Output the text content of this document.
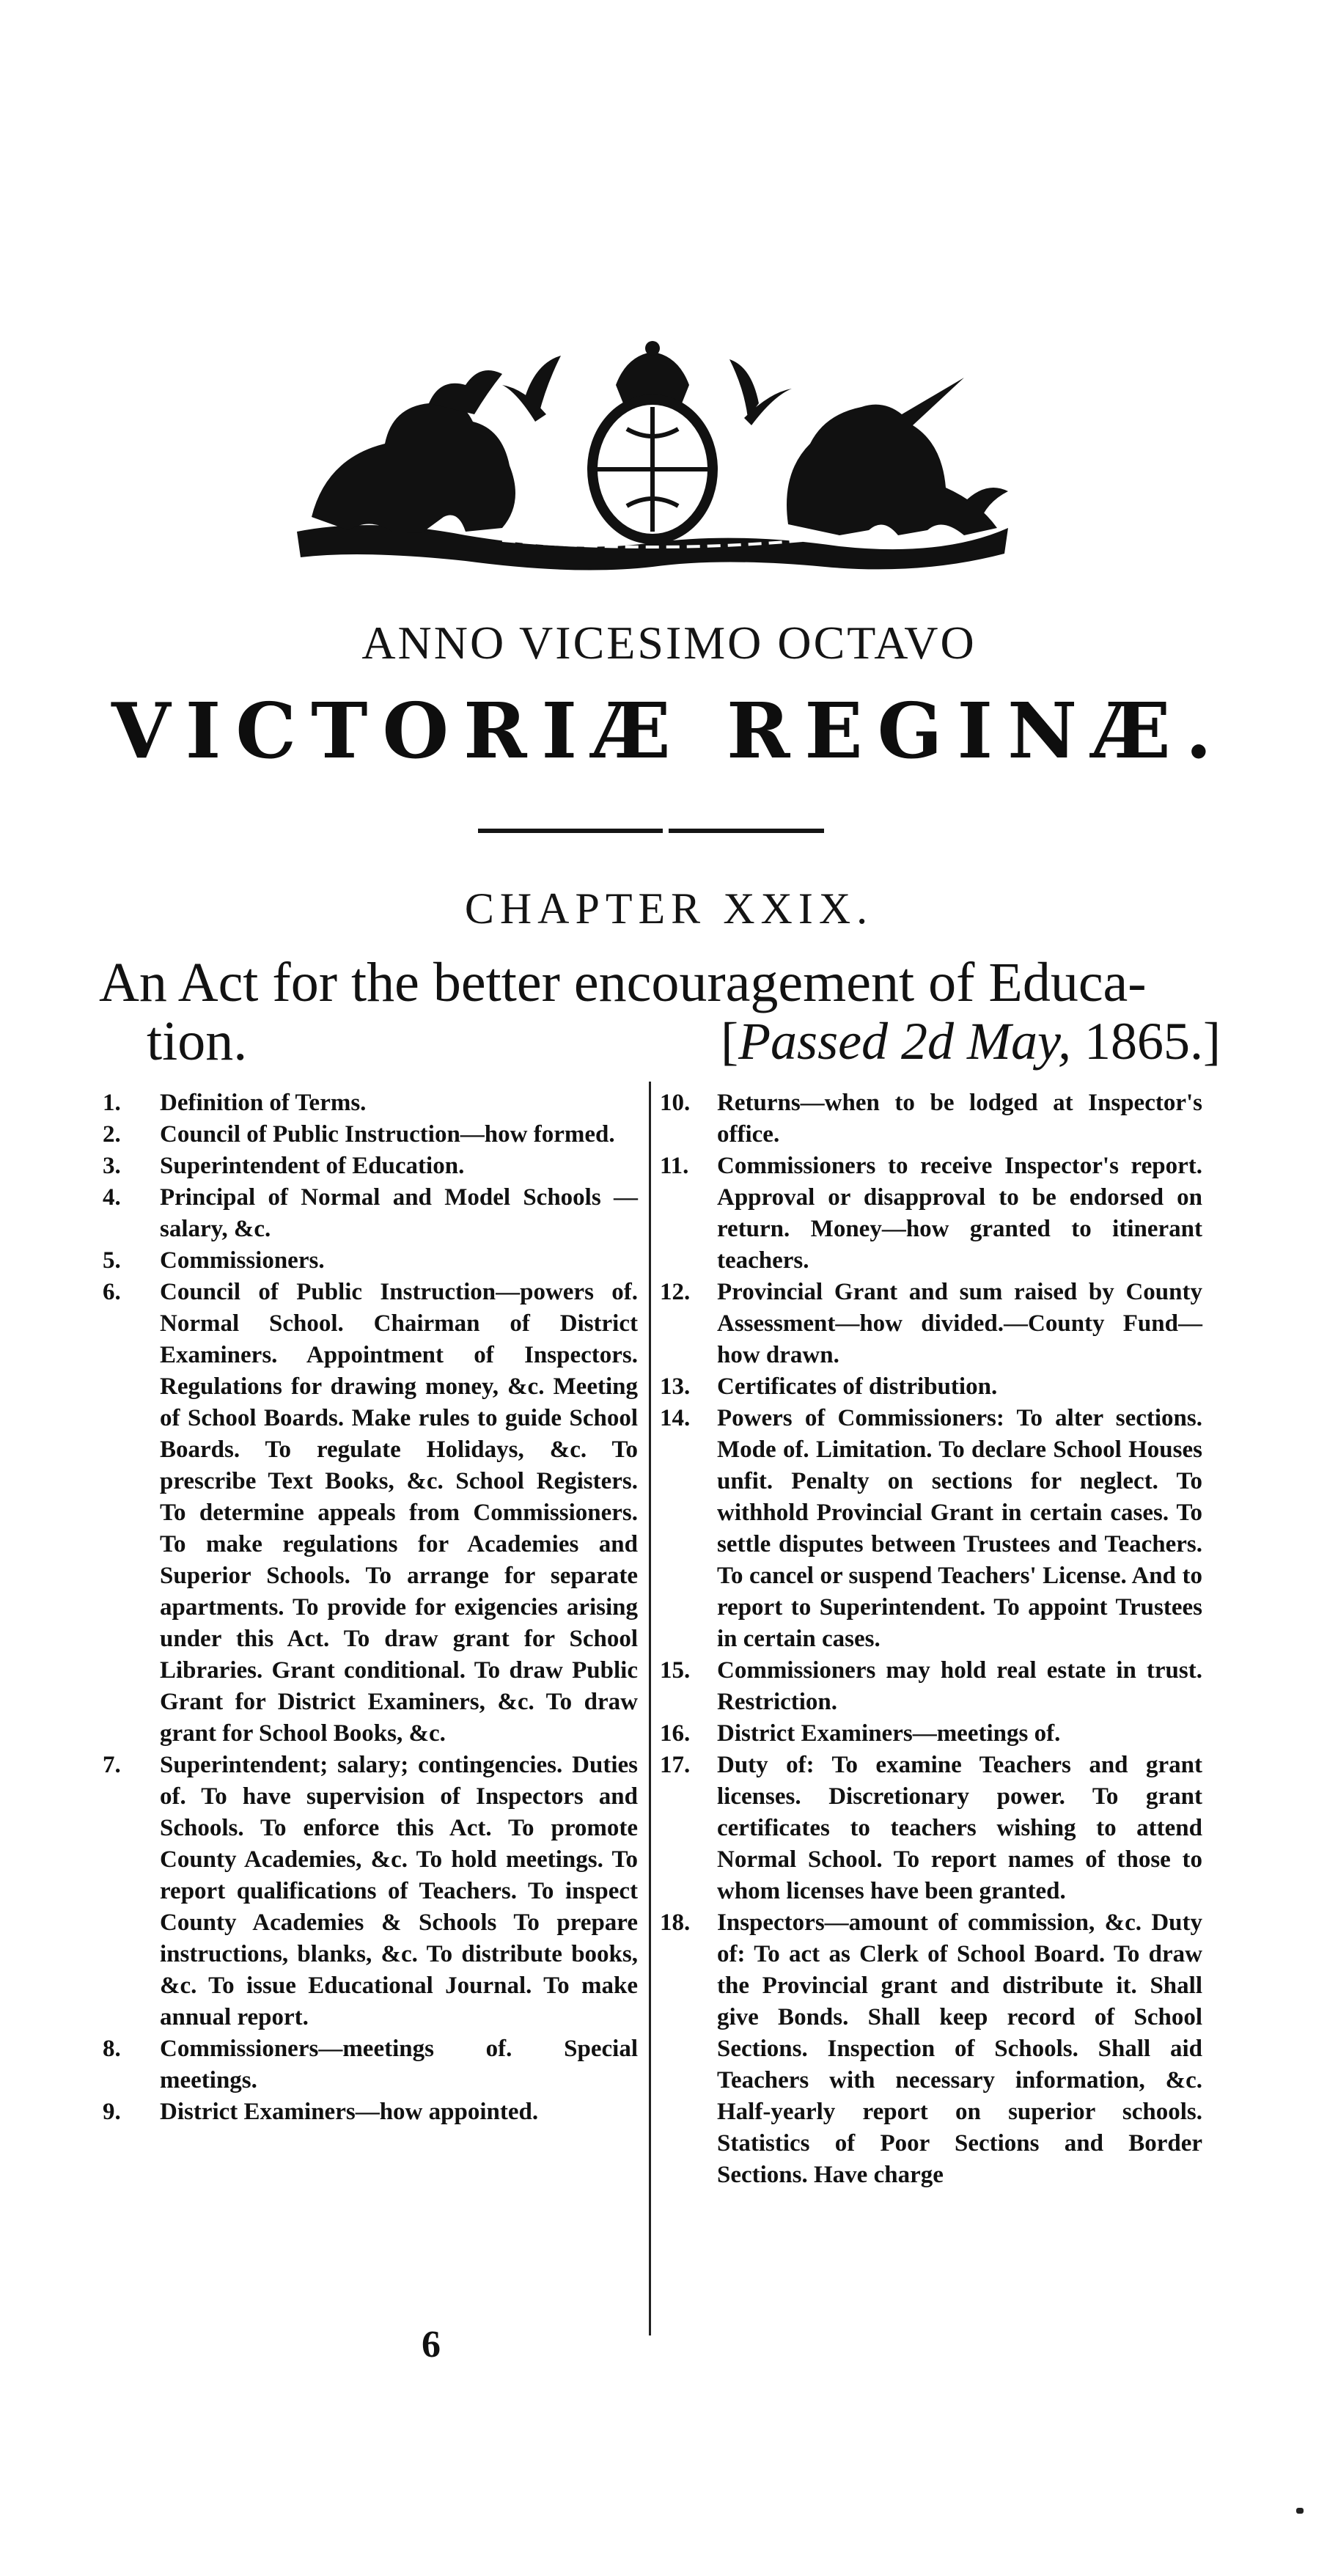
ANNO VICESIMO OCTAVO
VICTORIÆ REGINÆ.
CHAPTER XXIX.
An Act for the better encouragement of Educa-
tion.	[Passed 2d May, 1865.]
1.	Definition of Terms.
2.	Council of Public Instruction—how formed.
3.	Superintendent of Education.
4.	Principal of Normal and Model Schools —salary, &c.
5.	Commissioners.
6.	Council of Public Instruction—powers of. Normal School. Chairman of District Examiners. Appointment of Inspectors. Regulations for drawing money, &c. Meeting of School Boards. Make rules to guide School Boards. To regulate Holidays, &c. To prescribe Text Books, &c. School Registers. To determine appeals from Commissioners. To make regulations for Academies and Superior Schools. To arrange for separate apartments. To provide for exigencies arising under this Act. To draw grant for School Libraries. Grant conditional. To draw Public Grant for District Examiners, &c. To draw grant for School Books, &c.
7.	Superintendent; salary; contingencies. Duties of. To have supervision of Inspectors and Schools. To enforce this Act. To promote County Academies, &c. To hold meetings. To report qualifications of Teachers. To inspect County Academies & Schools To prepare instructions, blanks, &c. To distribute books, &c. To issue Educational Journal. To make annual report.
8.	Commissioners—meetings of. Special meetings.
9.	District Examiners—how appointed.
10.	Returns—when to be lodged at Inspector's office.
11.	Commissioners to receive Inspector's report. Approval or disapproval to be endorsed on return. Money—how granted to itinerant teachers.
12.	Provincial Grant and sum raised by County Assessment—how divided.—County Fund—how drawn.
13.	Certificates of distribution.
14.	Powers of Commissioners: To alter sections. Mode of. Limitation. To declare School Houses unfit. Penalty on sections for neglect. To withhold Provincial Grant in certain cases. To settle disputes between Trustees and Teachers. To cancel or suspend Teachers' License. And to report to Superintendent. To appoint Trustees in certain cases.
15.	Commissioners may hold real estate in trust. Restriction.
16.	District Examiners—meetings of.
17.	Duty of: To examine Teachers and grant licenses. Discretionary power. To grant certificates to teachers wishing to attend Normal School. To report names of those to whom licenses have been granted.
18.	Inspectors—amount of commission, &c. Duty of: To act as Clerk of School Board. To draw the Provincial grant and distribute it. Shall give Bonds. Shall keep record of School Sections. Inspection of Schools. Shall aid Teachers with necessary information, &c. Half-yearly report on superior schools. Statistics of Poor Sections and Border Sections. Have charge
6
